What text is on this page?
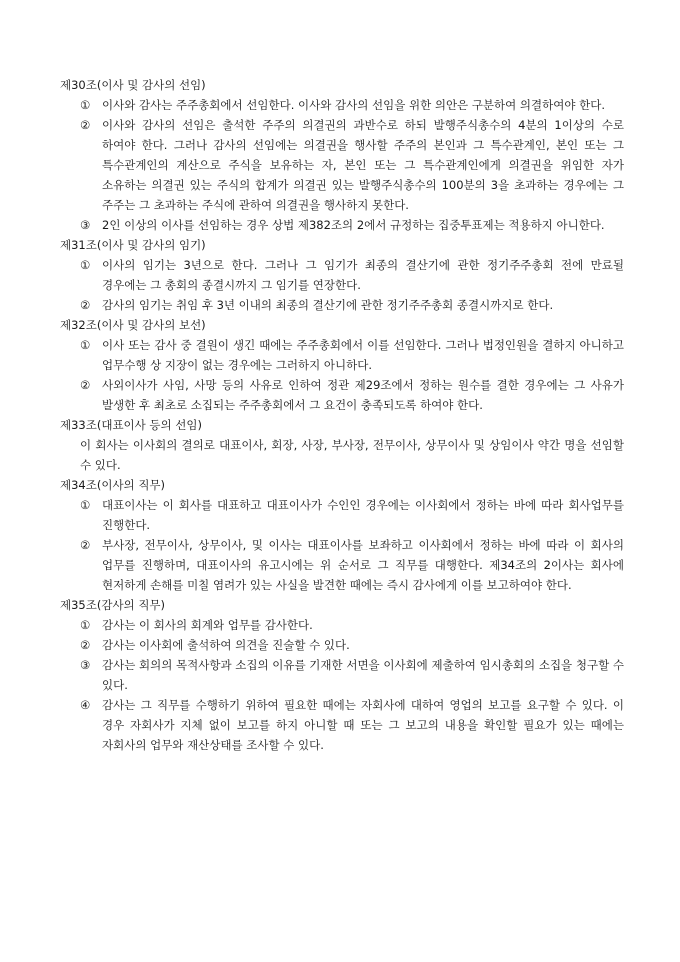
제30조(이사 및 감사의 선임)
①	이사와 감사는 주주총회에서 선임한다. 이사와 감사의 선임을 위한 의안은 구분하여 의결하여야 한다.
②	이사와 감사의 선임은 출석한 주주의 의결권의 과반수로 하되 발행주식총수의 4분의 1이상의 수로 하여야 한다. 그러나 감사의 선임에는 의결권을 행사할 주주의 본인과 그 특수관계인, 본인 또는 그 특수관계인의 계산으로 주식을 보유하는 자, 본인 또는 그 특수관계인에게 의결권을 위임한 자가 소유하는 의결권 있는 주식의 합계가 의결권 있는 발행주식총수의 100분의 3을 초과하는 경우에는 그 주주는 그 초과하는 주식에 관하여 의결권을 행사하지 못한다.
③	2인 이상의 이사를 선임하는 경우 상법 제382조의 2에서 규정하는 집중투표제는 적용하지 아니한다.
제31조(이사 및 감사의 임기)
①	이사의 임기는 3년으로 한다. 그러나 그 임기가 최종의 결산기에 관한 정기주주총회 전에 만료될 경우에는 그 총회의 종결시까지 그 임기를 연장한다.
②	감사의 임기는 취임 후 3년 이내의 최종의 결산기에 관한 정기주주총회 종결시까지로 한다.
제32조(이사 및 감사의 보선)
①	이사 또는 감사 중 결원이 생긴 때에는 주주총회에서 이를 선임한다. 그러나 법정인원을 결하지 아니하고 업무수행 상 지장이 없는 경우에는 그러하지 아니하다.
②	사외이사가 사임, 사망 등의 사유로 인하여 정관 제29조에서 정하는 원수를 결한 경우에는 그 사유가 발생한 후 최초로 소집되는 주주총회에서 그 요건이 충족되도록 하여야 한다.
제33조(대표이사 등의 선임)
이 회사는 이사회의 결의로 대표이사, 회장, 사장, 부사장, 전무이사, 상무이사 및 상임이사 약간 명을 선임할 수 있다.
제34조(이사의 직무)
①	대표이사는 이 회사를 대표하고 대표이사가 수인인 경우에는 이사회에서 정하는 바에 따라 회사업무를 진행한다.
②	부사장, 전무이사, 상무이사, 및 이사는 대표이사를 보좌하고 이사회에서 정하는 바에 따라 이 회사의 업무를 진행하며, 대표이사의 유고시에는 위 순서로 그 직무를 대행한다. 제34조의 2이사는 회사에 현저하게 손해를 미칠 염려가 있는 사실을 발견한 때에는 즉시 감사에게 이를 보고하여야 한다.
제35조(감사의 직무)
①	감사는 이 회사의 회계와 업무를 감사한다.
②	감사는 이사회에 출석하여 의견을 진술할 수 있다.
③	감사는 회의의 목적사항과 소집의 이유를 기재한 서면을 이사회에 제출하여 임시총회의 소집을 청구할 수 있다.
④	감사는 그 직무를 수행하기 위하여 필요한 때에는 자회사에 대하여 영업의 보고를 요구할 수 있다. 이 경우 자회사가 지체 없이 보고를 하지 아니할 때 또는 그 보고의 내용을 확인할 필요가 있는 때에는 자회사의 업무와 재산상태를 조사할 수 있다.
